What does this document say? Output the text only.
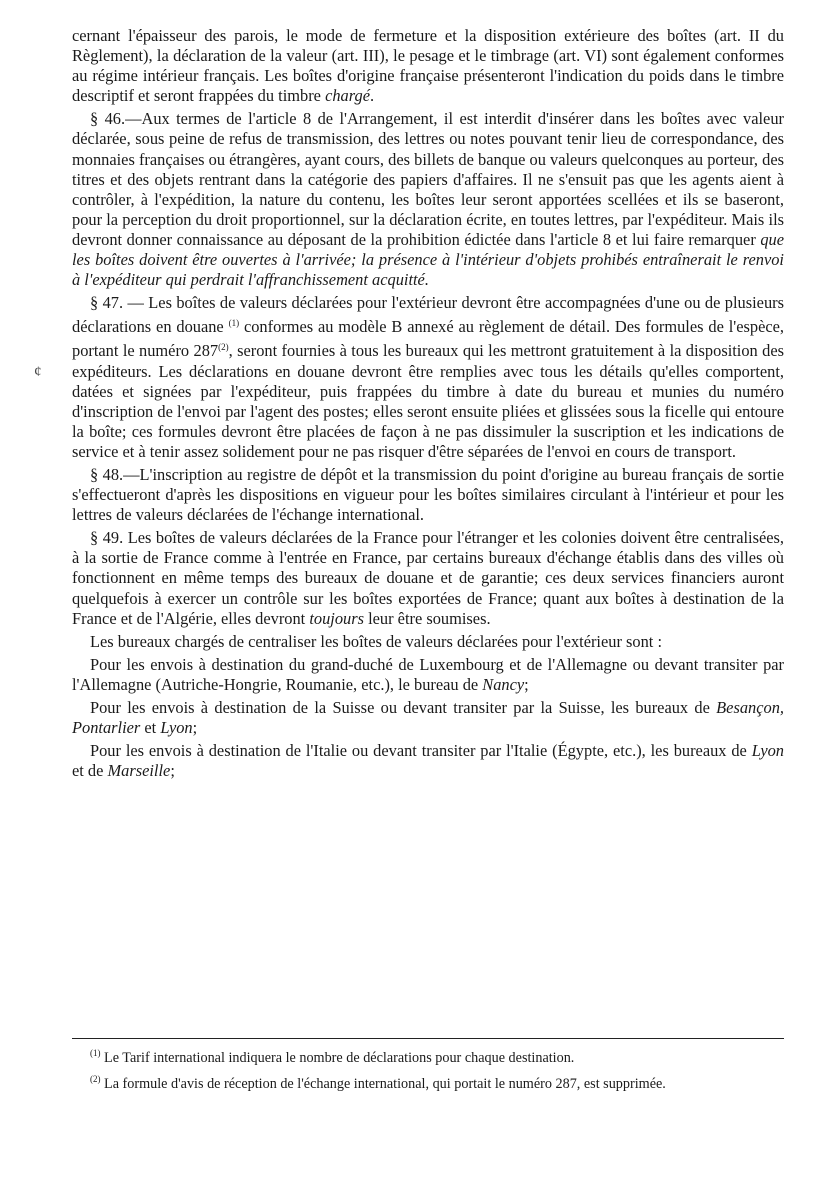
cernant l'épaisseur des parois, le mode de fermeture et la disposition extérieure des boîtes (art. II du Règlement), la déclaration de la valeur (art. III), le pesage et le timbrage (art. VI) sont également conformes au régime intérieur français. Les boîtes d'origine française présenteront l'indication du poids dans le timbre descriptif et seront frappées du timbre chargé.

§ 46.—Aux termes de l'article 8 de l'Arrangement, il est interdit d'insérer dans les boîtes avec valeur déclarée, sous peine de refus de transmission, des lettres ou notes pouvant tenir lieu de correspondance, des monnaies françaises ou étrangères, ayant cours, des billets de banque ou valeurs quelconques au porteur, des titres et des objets rentrant dans la catégorie des papiers d'affaires. Il ne s'ensuit pas que les agents aient à contrôler, à l'expédition, la nature du contenu, les boîtes leur seront apportées scellées et ils se baseront, pour la perception du droit proportionnel, sur la déclaration écrite, en toutes lettres, par l'expéditeur. Mais ils devront donner connaissance au déposant de la prohibition édictée dans l'article 8 et lui faire remarquer que les boîtes doivent être ouvertes à l'arrivée; la présence à l'intérieur d'objets prohibés entraînerait le renvoi à l'expéditeur qui perdrait l'affranchissement acquitté.

§ 47. — Les boîtes de valeurs déclarées pour l'extérieur devront être accompagnées d'une ou de plusieurs déclarations en douane $^{(1)}$ conformes au modèle B annexé au règlement de détail. Des formules de l'espèce, portant le numéro 287$^{(2)}$, seront fournies à tous les bureaux qui les mettront gratuitement à la disposition des expéditeurs. Les déclarations en douane devront être remplies avec tous les détails qu'elles comportent, datées et signées par l'expéditeur, puis frappées du timbre à date du bureau et munies du numéro d'inscription de l'envoi par l'agent des postes; elles seront ensuite pliées et glissées sous la ficelle qui entoure la boîte; ces formules devront être placées de façon à ne pas dissimuler la suscription et les indications de service et à tenir assez solidement pour ne pas risquer d'être séparées de l'envoi en cours de transport.

§ 48.—L'inscription au registre de dépôt et la transmission du point d'origine au bureau français de sortie s'effectueront d'après les dispositions en vigueur pour les boîtes similaires circulant à l'intérieur et pour les lettres de valeurs déclarées de l'échange international.

§ 49. Les boîtes de valeurs déclarées de la France pour l'étranger et les colonies doivent être centralisées, à la sortie de France comme à l'entrée en France, par certains bureaux d'échange établis dans des villes où fonctionnent en même temps des bureaux de douane et de garantie; ces deux services financiers auront quelquefois à exercer un contrôle sur les boîtes exportées de France; quant aux boîtes à destination de la France et de l'Algérie, elles devront toujours leur être soumises.

Les bureaux chargés de centraliser les boîtes de valeurs déclarées pour l'extérieur sont :

Pour les envois à destination du grand-duché de Luxembourg et de l'Allemagne ou devant transiter par l'Allemagne (Autriche-Hongrie, Roumanie, etc.), le bureau de Nancy;

Pour les envois à destination de la Suisse ou devant transiter par la Suisse, les bureaux de Besançon, Pontarlier et Lyon;

Pour les envois à destination de l'Italie ou devant transiter par l'Italie (Égypte, etc.), les bureaux de Lyon et de Marseille;

¢

$^{(1)}$ Le Tarif international indiquera le nombre de déclarations pour chaque destination.

$^{(2)}$ La formule d'avis de réception de l'échange international, qui portait le numéro 287, est supprimée.
